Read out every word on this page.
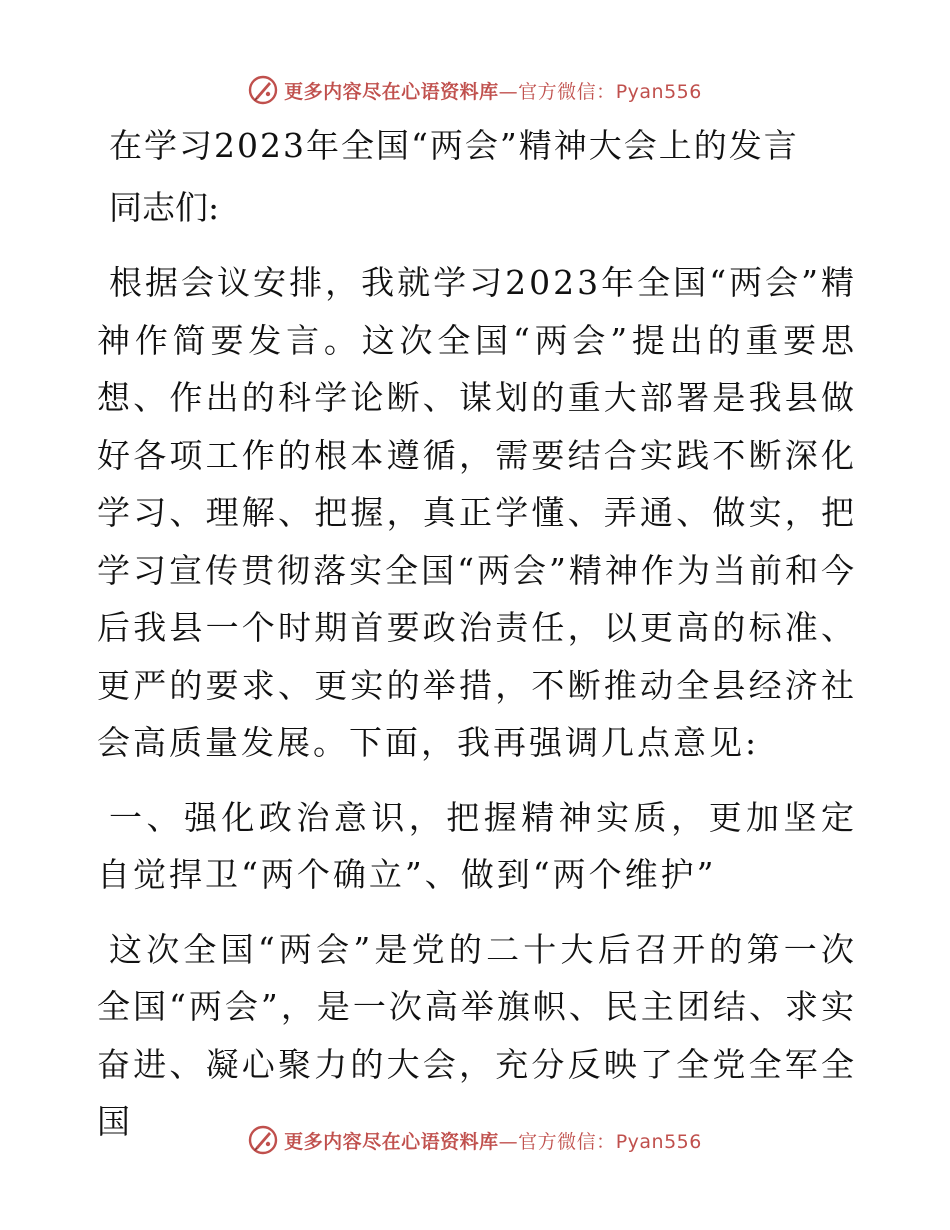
更多内容尽在心语资料库—官方微信：Pyan556
在学习2023年全国“两会”精神大会上的发言
同志们:
根据会议安排，我就学习2023年全国“两会”精神作简要发言。这次全国“两会”提出的重要思想、作出的科学论断、谋划的重大部署是我县做好各项工作的根本遵循，需要结合实践不断深化学习、理解、把握，真正学懂、弄通、做实，把学习宣传贯彻落实全国“两会”精神作为当前和今后我县一个时期首要政治责任，以更高的标准、更严的要求、更实的举措，不断推动全县经济社会高质量发展。下面，我再强调几点意见:
一、强化政治意识，把握精神实质，更加坚定自觉捍卫“两个确立”、做到“两个维护”
这次全国“两会”是党的二十大后召开的第一次全国“两会”，是一次高举旗帜、民主团结、求实奋进、凝心聚力的大会，充分反映了全党全军全国
更多内容尽在心语资料库—官方微信：Pyan556
